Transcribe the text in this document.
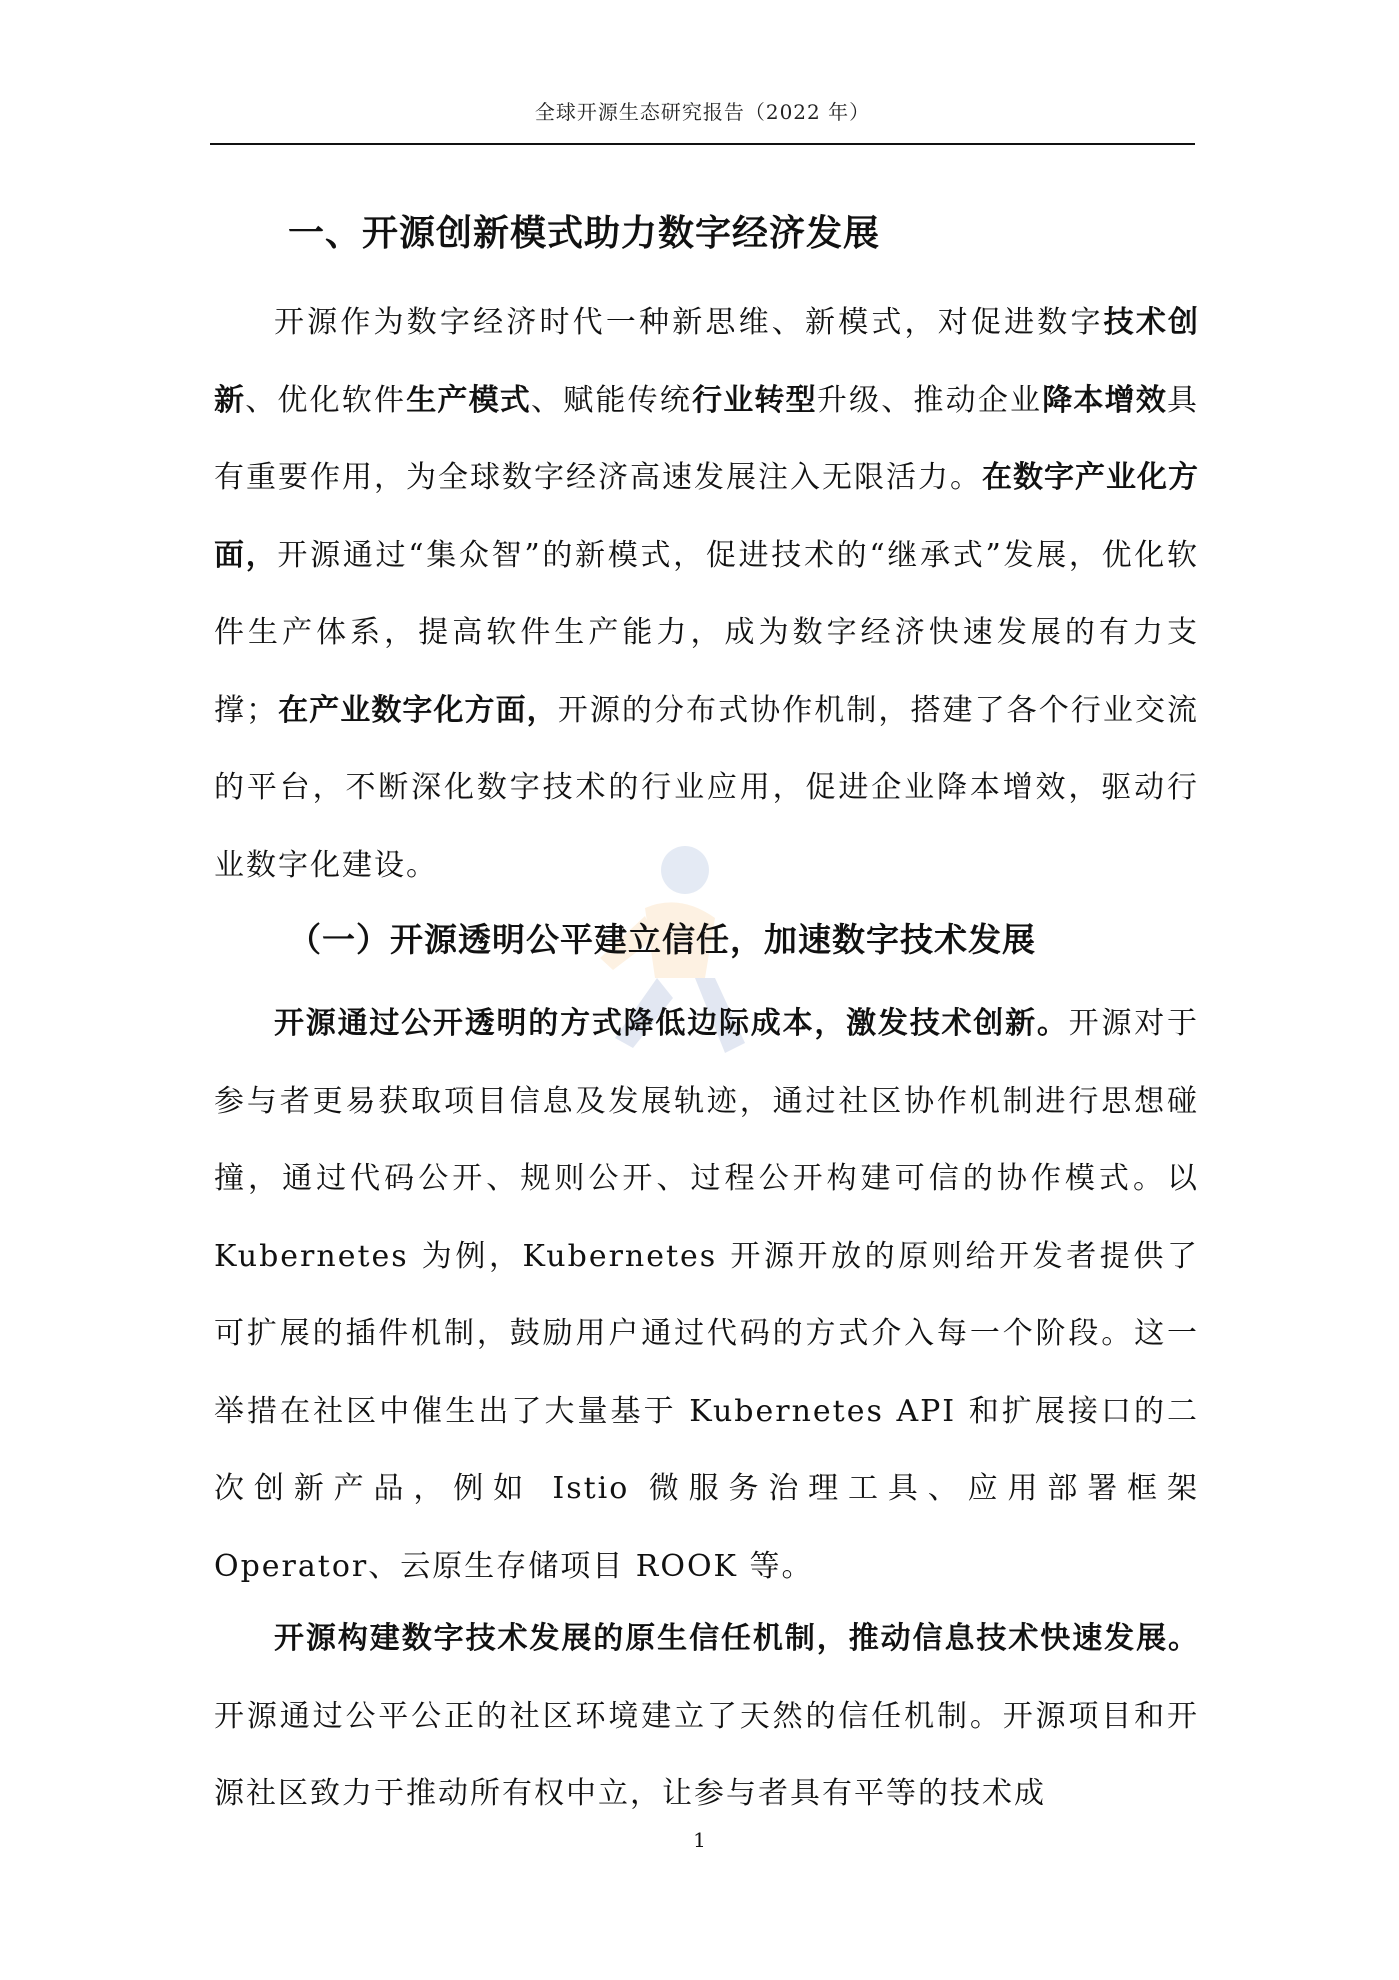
全球开源生态研究报告（2022 年）
一、开源创新模式助力数字经济发展
开源作为数字经济时代一种新思维、新模式，对促进数字技术创新、优化软件生产模式、赋能传统行业转型升级、推动企业降本增效具有重要作用，为全球数字经济高速发展注入无限活力。在数字产业化方面，开源通过“集众智”的新模式，促进技术的“继承式”发展，优化软件生产体系，提高软件生产能力，成为数字经济快速发展的有力支撑；在产业数字化方面，开源的分布式协作机制，搭建了各个行业交流的平台，不断深化数字技术的行业应用，促进企业降本增效，驱动行业数字化建设。
（一）开源透明公平建立信任，加速数字技术发展
开源通过公开透明的方式降低边际成本，激发技术创新。开源对于参与者更易获取项目信息及发展轨迹，通过社区协作机制进行思想碰撞，通过代码公开、规则公开、过程公开构建可信的协作模式。以 Kubernetes 为例，Kubernetes 开源开放的原则给开发者提供了可扩展的插件机制，鼓励用户通过代码的方式介入每一个阶段。这一举措在社区中催生出了大量基于 Kubernetes API 和扩展接口的二次创新产品，例如 Istio 微服务治理工具、应用部署框架 Operator、云原生存储项目 ROOK 等。
开源构建数字技术发展的原生信任机制，推动信息技术快速发展。开源通过公平公正的社区环境建立了天然的信任机制。开源项目和开源社区致力于推动所有权中立，让参与者具有平等的技术成
1
